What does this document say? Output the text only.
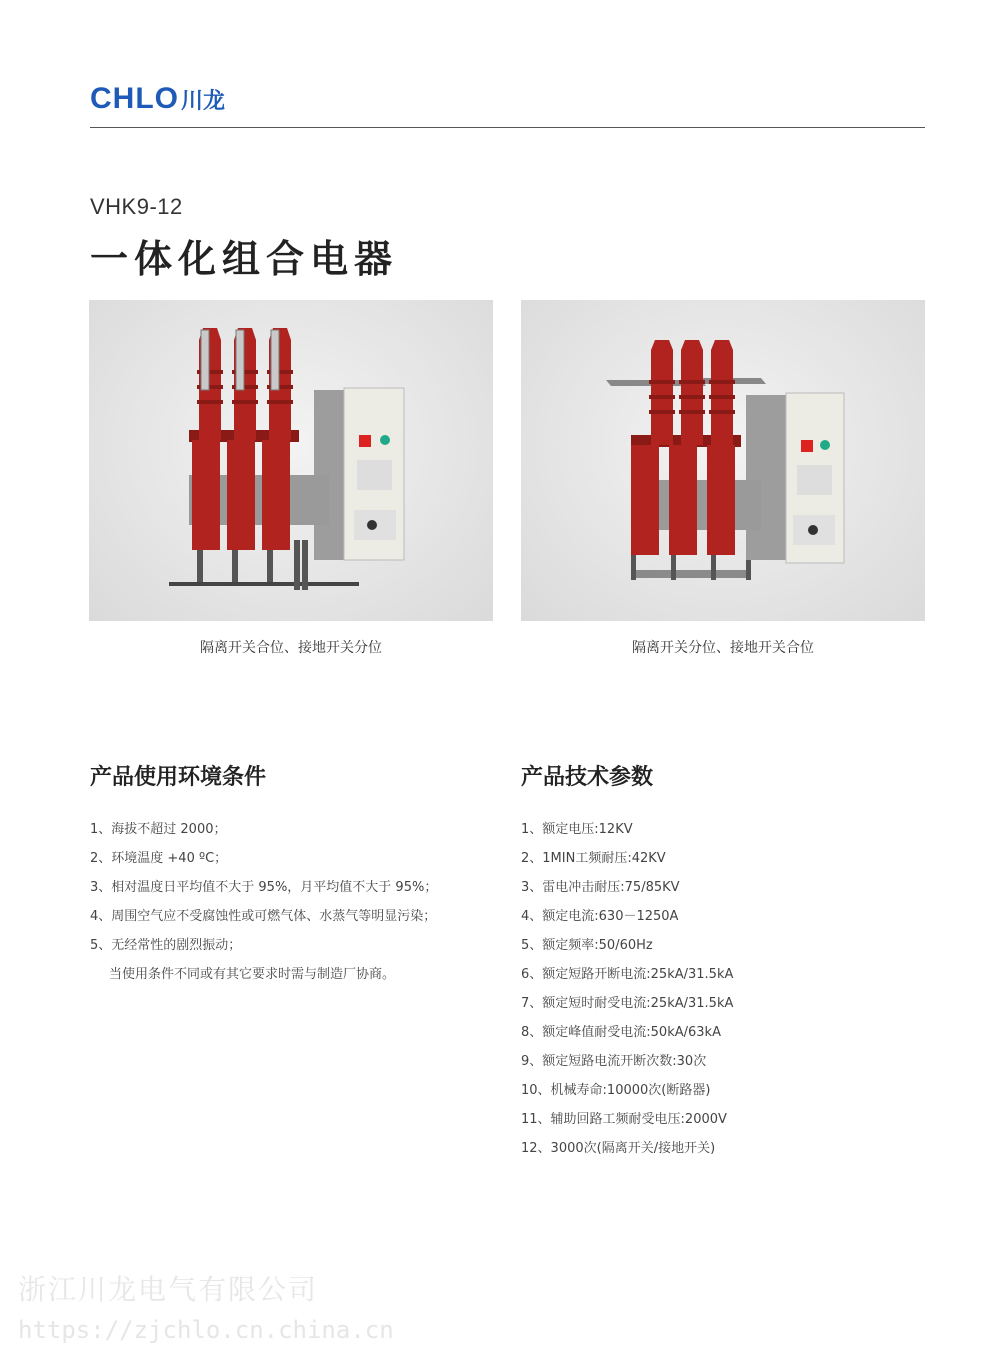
CHLO 川龙
VHK9-12
一体化组合电器
隔离开关合位、接地开关分位	隔离开关分位、接地开关合位
产品使用环境条件
1、海拔不超过 2000；
2、环境温度 +40 ºC；
3、相对温度日平均值不大于 95%，月平均值不大于 95%；
4、周围空气应不受腐蚀性或可燃气体、水蒸气等明显污染；
5、无经常性的剧烈振动；
当使用条件不同或有其它要求时需与制造厂协商。
产品技术参数
1、额定电压:12KV
2、1MIN工频耐压:42KV
3、雷电冲击耐压:75/85KV
4、额定电流:630－1250A
5、额定频率:50/60Hz
6、额定短路开断电流:25kA/31.5kA
7、额定短时耐受电流:25kA/31.5kA
8、额定峰值耐受电流:50kA/63kA
9、额定短路电流开断次数:30次
10、机械寿命:10000次(断路器)
11、辅助回路工频耐受电压:2000V
12、3000次(隔离开关/接地开关)
浙江川龙电气有限公司
https://zjchlo.cn.china.cn
